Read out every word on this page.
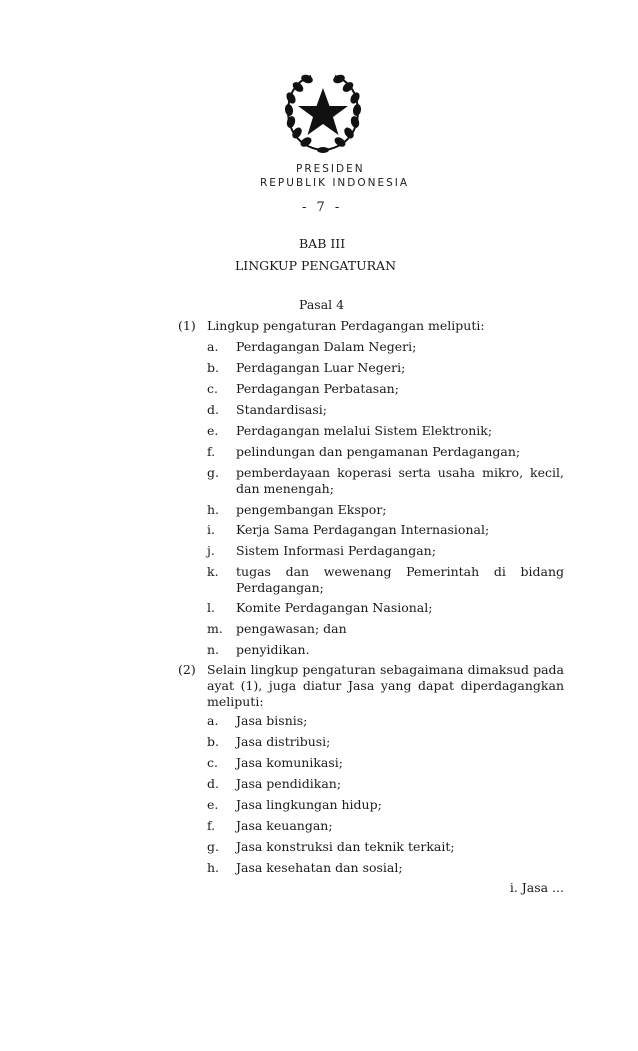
PRESIDEN
REPUBLIK INDONESIA
- 7 -
BAB III
LINGKUP PENGATURAN
Pasal 4
(1) Lingkup pengaturan Perdagangan meliputi:
a. Perdagangan Dalam Negeri;
b. Perdagangan Luar Negeri;
c. Perdagangan Perbatasan;
d. Standardisasi;
e. Perdagangan melalui Sistem Elektronik;
f. pelindungan dan pengamanan Perdagangan;
g. pemberdayaan koperasi serta usaha mikro, kecil, dan menengah;
h. pengembangan Ekspor;
i. Kerja Sama Perdagangan Internasional;
j. Sistem Informasi Perdagangan;
k. tugas dan wewenang Pemerintah di bidang Perdagangan;
l. Komite Perdagangan Nasional;
m. pengawasan; dan
n. penyidikan.
(2) Selain lingkup pengaturan sebagaimana dimaksud pada ayat (1), juga diatur Jasa yang dapat diperdagangkan meliputi:
a. Jasa bisnis;
b. Jasa distribusi;
c. Jasa komunikasi;
d. Jasa pendidikan;
e. Jasa lingkungan hidup;
f. Jasa keuangan;
g. Jasa konstruksi dan teknik terkait;
h. Jasa kesehatan dan sosial;
i. Jasa ...
